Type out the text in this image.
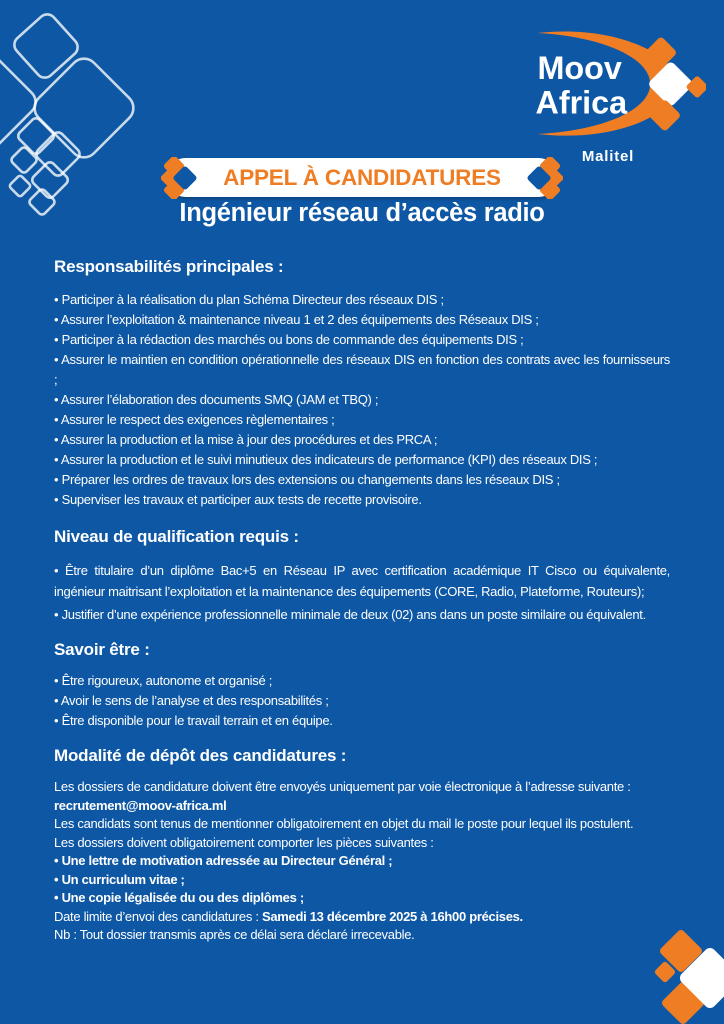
Moov
Africa
Malitel
APPEL À CANDIDATURES
Ingénieur réseau d’accès radio
Responsabilités principales :
• Participer à la réalisation du plan Schéma Directeur des réseaux DIS ;
• Assurer l’exploitation & maintenance niveau 1 et 2 des équipements des Réseaux DIS ;
• Participer à la rédaction des marchés ou bons de commande des équipements DIS ;
• Assurer le maintien en condition opérationnelle des réseaux DIS en fonction des contrats avec les fournisseurs ;
• Assurer l’élaboration des documents SMQ (JAM et TBQ) ;
• Assurer le respect des exigences règlementaires ;
• Assurer la production et la mise à jour des procédures et des PRCA ;
• Assurer la production et le suivi minutieux des indicateurs de performance (KPI) des réseaux DIS ;
• Préparer les ordres de travaux lors des extensions ou changements dans les réseaux DIS ;
• Superviser les travaux et participer aux tests de recette provisoire.
Niveau de qualification requis :
• Être titulaire d’un diplôme Bac+5 en Réseau IP avec certification académique IT Cisco ou équivalente, ingénieur maitrisant l’exploitation et la maintenance des équipements (CORE, Radio, Plateforme, Routeurs);
• Justifier d’une expérience professionnelle minimale de deux (02) ans dans un poste similaire ou équivalent.
Savoir être :
• Être rigoureux, autonome et organisé ;
• Avoir le sens de l’analyse et des responsabilités ;
• Être disponible pour le travail terrain et en équipe.
Modalité de dépôt des candidatures :
Les dossiers de candidature doivent être envoyés uniquement par voie électronique à l’adresse suivante :
recrutement@moov-africa.ml
Les candidats sont tenus de mentionner obligatoirement en objet du mail le poste pour lequel ils postulent.
Les dossiers doivent obligatoirement comporter les pièces suivantes :
• Une lettre de motivation adressée au Directeur Général ;
• Un curriculum vitae ;
• Une copie légalisée du ou des diplômes ;
Date limite d’envoi des candidatures : Samedi 13 décembre 2025 à 16h00 précises.
Nb : Tout dossier transmis après ce délai sera déclaré irrecevable.
